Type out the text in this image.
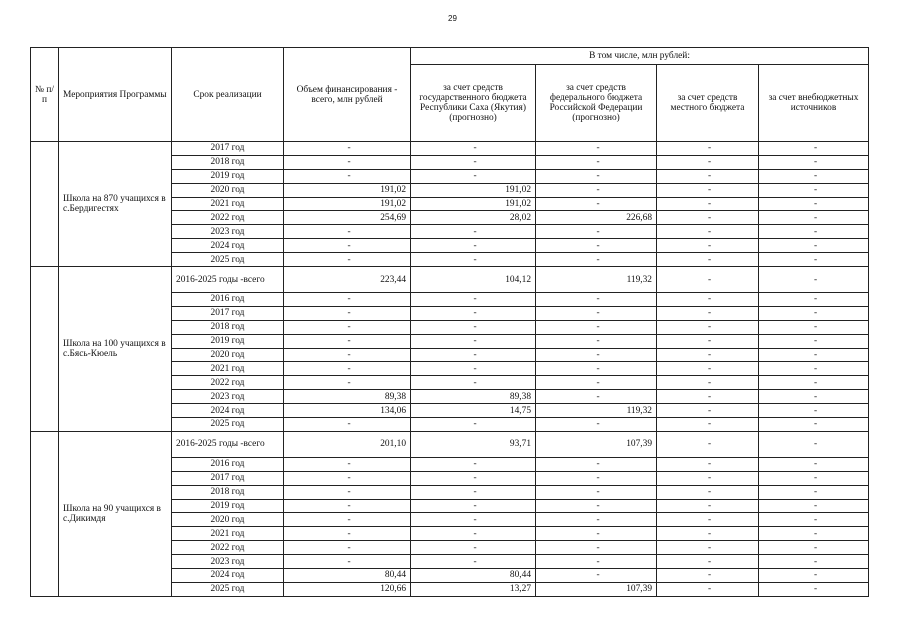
29
№ п/п	Мероприятия Программы	Срок реализации	Объем финансирования - всего, млн рублей	В том числе, млн рублей:			
				за счет средств государственного бюджета Республики Саха (Якутия) (прогнозно)	за счет средств федерального бюджета Российской Федерации (прогнозно)	за счет средств местного бюджета	за счет внебюджетных источников
	Школа на 870 учащихся в с.Бердигестях	2017 год	-	-	-	-	-
		2018 год	-	-	-	-	-
		2019 год	-	-	-	-	-
		2020 год	191,02	191,02	-	-	-
		2021 год	191,02	191,02	-	-	-
		2022 год	254,69	28,02	226,68	-	-
		2023 год	-	-	-	-	-
		2024 год	-	-	-	-	-
		2025 год	-	-	-	-	-
	Школа на 100 учащихся в с.Бясь-Кюель	2016-2025 годы -всего	223,44	104,12	119,32	-	-
		2016 год	-	-	-	-	-
		2017 год	-	-	-	-	-
		2018 год	-	-	-	-	-
		2019 год	-	-	-	-	-
		2020 год	-	-	-	-	-
		2021 год	-	-	-	-	-
		2022 год	-	-	-	-	-
		2023 год	89,38	89,38	-	-	-
		2024 год	134,06	14,75	119,32	-	-
		2025 год	-	-	-	-	-
	Школа на 90 учащихся в с.Дикимдя	2016-2025 годы -всего	201,10	93,71	107,39	-	-
		2016 год	-	-	-	-	-
		2017 год	-	-	-	-	-
		2018 год	-	-	-	-	-
		2019 год	-	-	-	-	-
		2020 год	-	-	-	-	-
		2021 год	-	-	-	-	-
		2022 год	-	-	-	-	-
		2023 год	-	-	-	-	-
		2024 год	80,44	80,44	-	-	-
		2025 год	120,66	13,27	107,39	-	-
